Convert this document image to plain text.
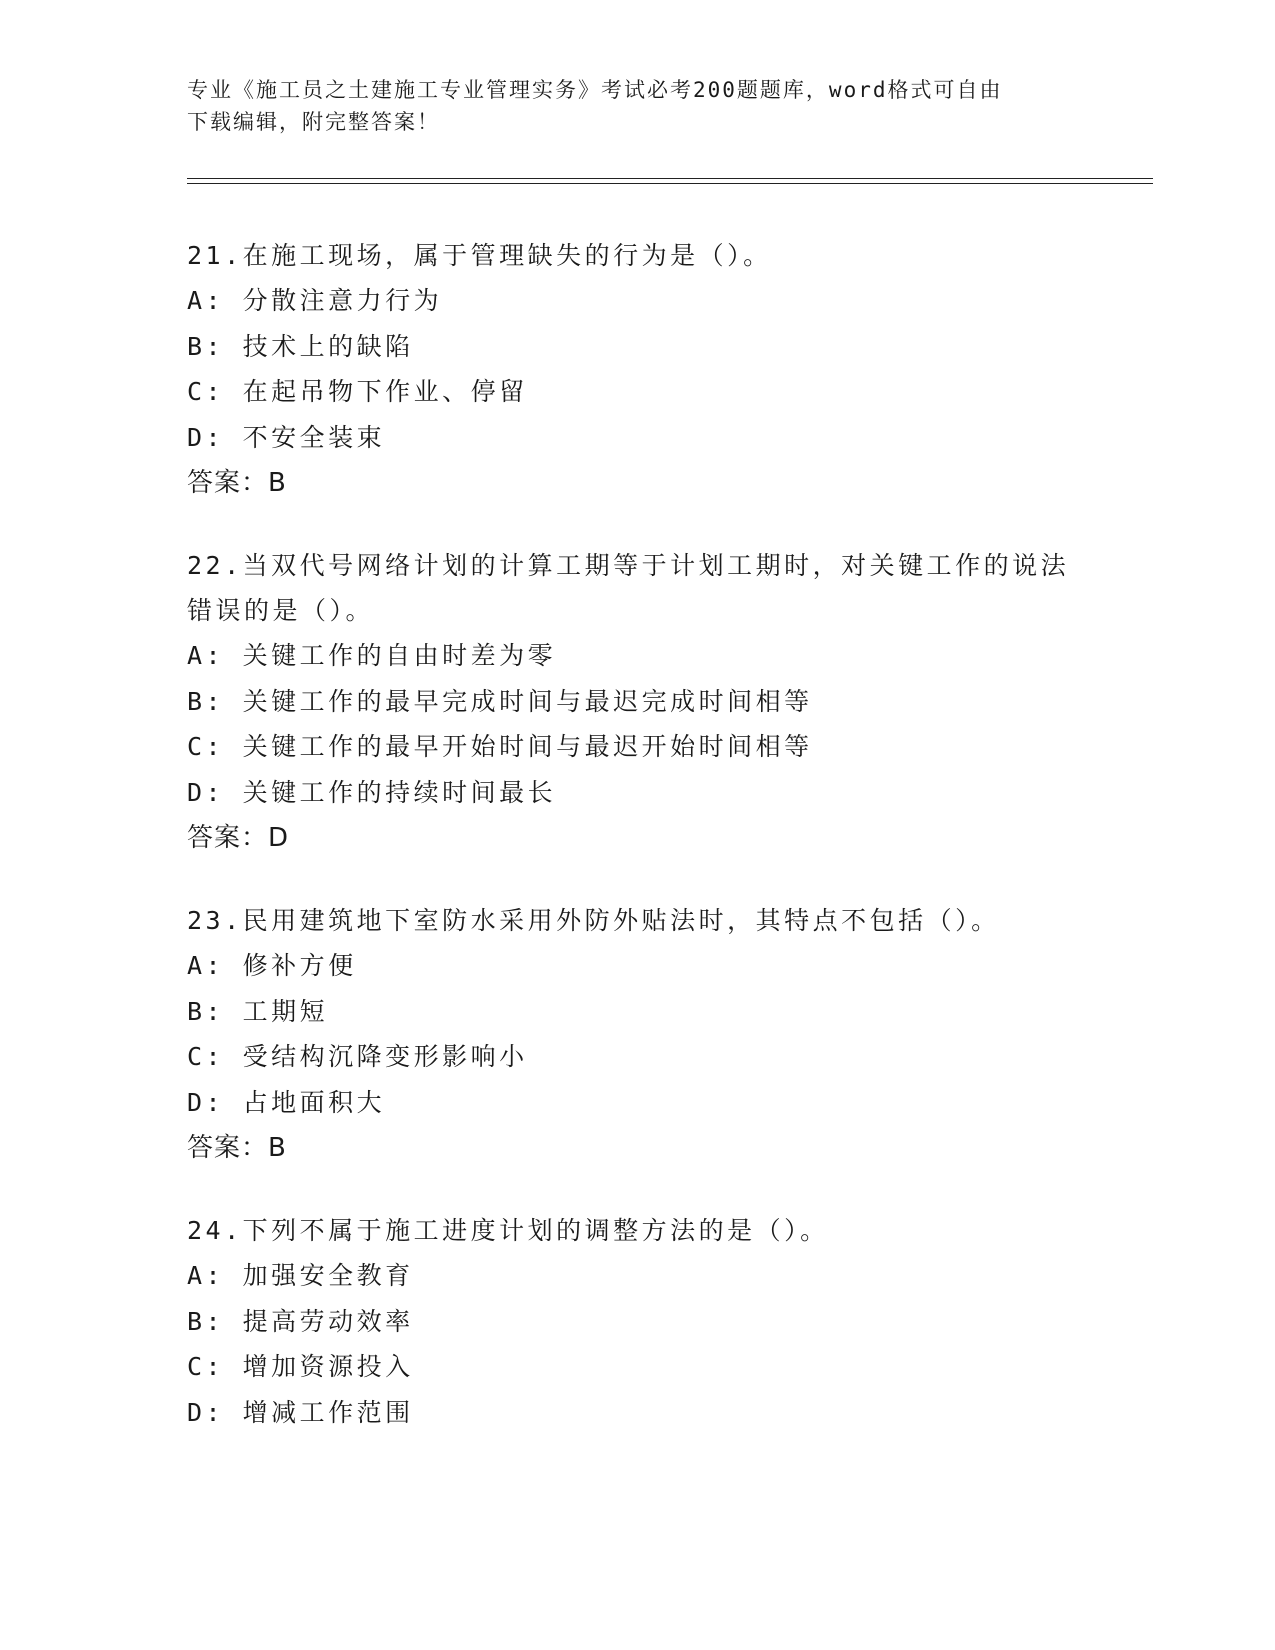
专业《施工员之土建施工专业管理实务》考试必考200题题库，word格式可自由
下载编辑，附完整答案！
21.在施工现场，属于管理缺失的行为是（）。
A: 分散注意力行为
B: 技术上的缺陷
C: 在起吊物下作业、停留
D: 不安全装束
答案：B
22.当双代号网络计划的计算工期等于计划工期时，对关键工作的说法
错误的是（）。
A: 关键工作的自由时差为零
B: 关键工作的最早完成时间与最迟完成时间相等
C: 关键工作的最早开始时间与最迟开始时间相等
D: 关键工作的持续时间最长
答案：D
23.民用建筑地下室防水采用外防外贴法时，其特点不包括（）。
A: 修补方便
B: 工期短
C: 受结构沉降变形影响小
D: 占地面积大
答案：B
24.下列不属于施工进度计划的调整方法的是（）。
A: 加强安全教育
B: 提高劳动效率
C: 增加资源投入
D: 增减工作范围
